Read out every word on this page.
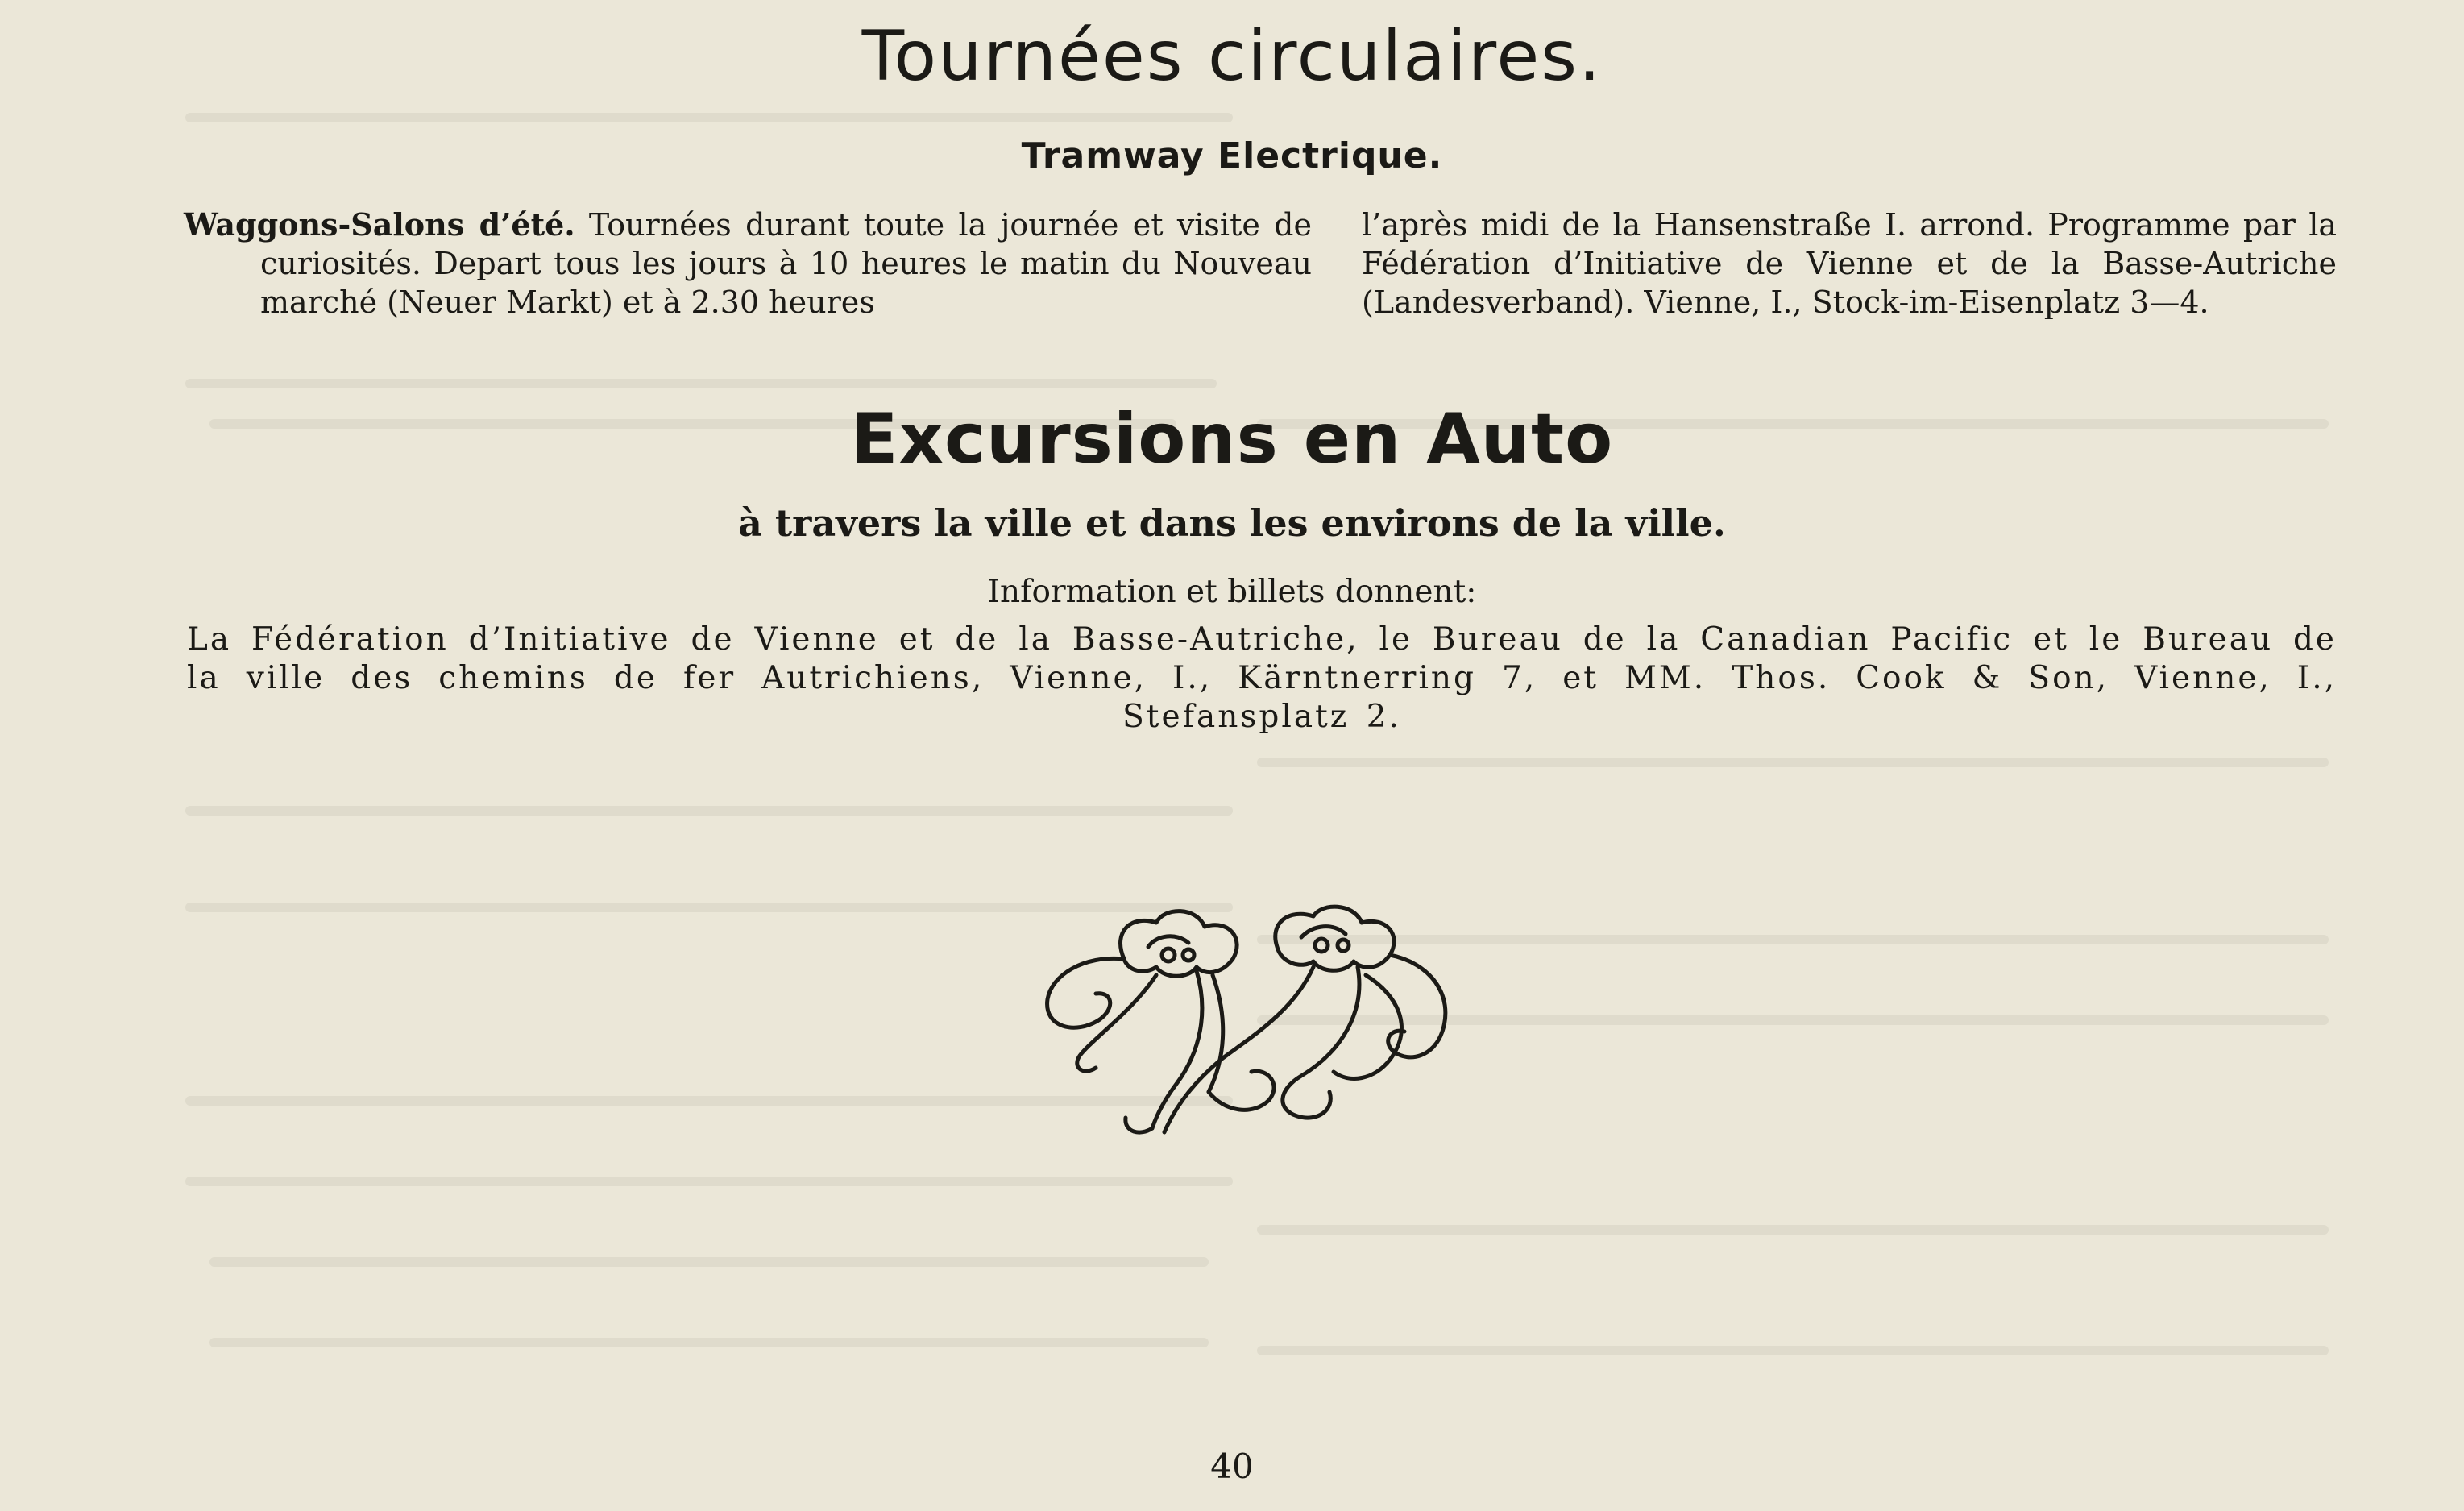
Tournées circulaires.
Tramway Electrique.

Waggons-Salons d’été. Tournées durant toute la journée et visite de curiosités. Depart tous les jours à 10 heures le matin du Nouveau marché (Neuer Markt) et à 2.30 heures

l’après midi de la Hansenstraße I. arrond. Programme par la Fédération d’Initiative de Vienne et de la Basse-Autriche (Landesverband). Vienne, I., Stock-im-Eisenplatz 3—4.

Excursions en Auto
à travers la ville et dans les environs de la ville.

Information et billets donnent:

La Fédération d’Initiative de Vienne et de la Basse-Autriche, le Bureau de la Canadian Pacific et le Bureau de la ville des chemins de fer Autrichiens, Vienne, I., Kärntnerring 7, et MM. Thos. Cook & Son, Vienne, I., Stefansplatz 2.

40
